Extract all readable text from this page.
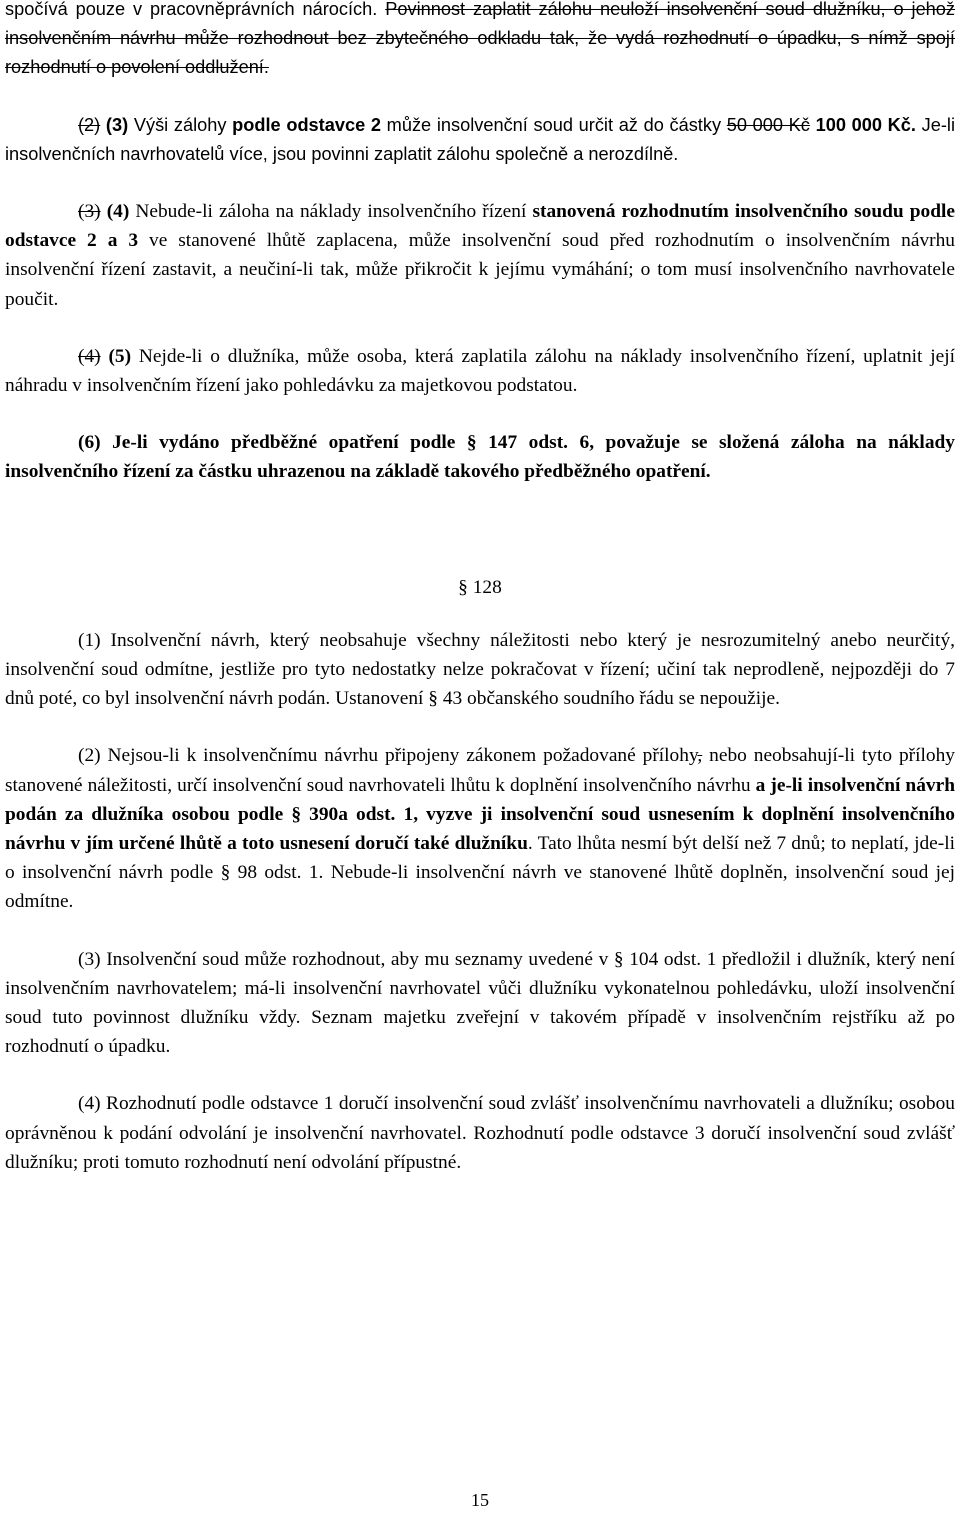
spočívá pouze v pracovněprávních nárocích. Povinnost zaplatit zálohu neuloží insolvenční soud dlužníku, o jehož insolvenčním návrhu může rozhodnout bez zbytečného odkladu tak, že vydá rozhodnutí o úpadku, s nímž spojí rozhodnutí o povolení oddlužení.

(2) (3) Výši zálohy podle odstavce 2 může insolvenční soud určit až do částky 50 000 Kč 100 000 Kč. Je-li insolvenčních navrhovatelů více, jsou povinni zaplatit zálohu společně a nerozdílně.

(3) (4) Nebude-li záloha na náklady insolvenčního řízení stanovená rozhodnutím insolvenčního soudu podle odstavce 2 a 3 ve stanovené lhůtě zaplacena, může insolvenční soud před rozhodnutím o insolvenčním návrhu insolvenční řízení zastavit, a neučiní-li tak, může přikročit k jejímu vymáhání; o tom musí insolvenčního navrhovatele poučit.

(4) (5) Nejde-li o dlužníka, může osoba, která zaplatila zálohu na náklady insolvenčního řízení, uplatnit její náhradu v insolvenčním řízení jako pohledávku za majetkovou podstatou.

(6) Je-li vydáno předběžné opatření podle § 147 odst. 6, považuje se složená záloha na náklady insolvenčního řízení za částku uhrazenou na základě takového předběžného opatření.

§ 128

(1) Insolvenční návrh, který neobsahuje všechny náležitosti nebo který je nesrozumitelný anebo neurčitý, insolvenční soud odmítne, jestliže pro tyto nedostatky nelze pokračovat v řízení; učiní tak neprodleně, nejpozději do 7 dnů poté, co byl insolvenční návrh podán. Ustanovení § 43 občanského soudního řádu se nepoužije.

(2) Nejsou-li k insolvenčnímu návrhu připojeny zákonem požadované přílohy, nebo neobsahují-li tyto přílohy stanovené náležitosti, určí insolvenční soud navrhovateli lhůtu k doplnění insolvenčního návrhu a je-li insolvenční návrh podán za dlužníka osobou podle § 390a odst. 1, vyzve ji insolvenční soud usnesením k doplnění insolvenčního návrhu v jím určené lhůtě a toto usnesení doručí také dlužníku. Tato lhůta nesmí být delší než 7 dnů; to neplatí, jde-li o insolvenční návrh podle § 98 odst. 1. Nebude-li insolvenční návrh ve stanovené lhůtě doplněn, insolvenční soud jej odmítne.

(3) Insolvenční soud může rozhodnout, aby mu seznamy uvedené v § 104 odst. 1 předložil i dlužník, který není insolvenčním navrhovatelem; má-li insolvenční navrhovatel vůči dlužníku vykonatelnou pohledávku, uloží insolvenční soud tuto povinnost dlužníku vždy. Seznam majetku zveřejní v takovém případě v insolvenčním rejstříku až po rozhodnutí o úpadku.

(4) Rozhodnutí podle odstavce 1 doručí insolvenční soud zvlášť insolvenčnímu navrhovateli a dlužníku; osobou oprávněnou k podání odvolání je insolvenční navrhovatel. Rozhodnutí podle odstavce 3 doručí insolvenční soud zvlášť dlužníku; proti tomuto rozhodnutí není odvolání přípustné.

15
